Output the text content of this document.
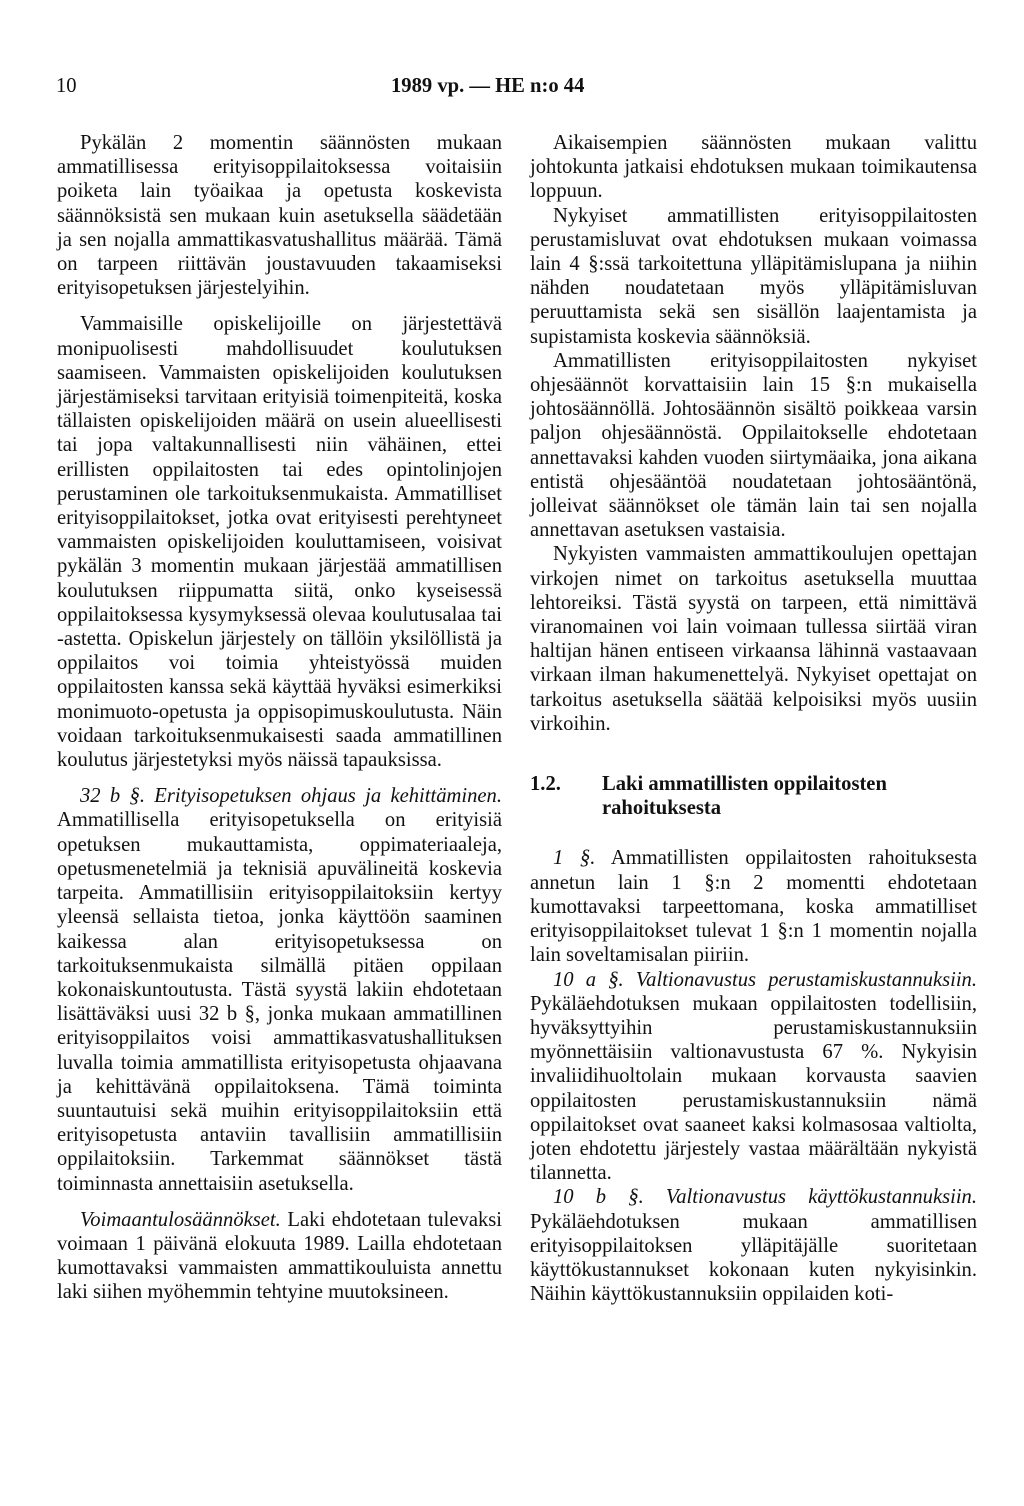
10	1989 vp. — HE n:o 44

Pykälän 2 momentin säännösten mukaan ammatillisessa erityisoppilaitoksessa voitaisiin poiketa lain työaikaa ja opetusta koskevista säännöksistä sen mukaan kuin asetuksella säädetään ja sen nojalla ammattikasvatushallitus määrää. Tämä on tarpeen riittävän joustavuuden takaamiseksi erityisopetuksen järjestelyihin.

Vammaisille opiskelijoille on järjestettävä monipuolisesti mahdollisuudet koulutuksen saamiseen. Vammaisten opiskelijoiden koulutuksen järjestämiseksi tarvitaan erityisiä toimenpiteitä, koska tällaisten opiskelijoiden määrä on usein alueellisesti tai jopa valtakunnallisesti niin vähäinen, ettei erillisten oppilaitosten tai edes opintolinjojen perustaminen ole tarkoituksenmukaista. Ammatilliset erityisoppilaitokset, jotka ovat erityisesti perehtyneet vammaisten opiskelijoiden kouluttamiseen, voisivat pykälän 3 momentin mukaan järjestää ammatillisen koulutuksen riippumatta siitä, onko kyseisessä oppilaitoksessa kysymyksessä olevaa koulutusalaa tai -astetta. Opiskelun järjestely on tällöin yksilöllistä ja oppilaitos voi toimia yhteistyössä muiden oppilaitosten kanssa sekä käyttää hyväksi esimerkiksi monimuoto-opetusta ja oppisopimuskoulutusta. Näin voidaan tarkoituksenmukaisesti saada ammatillinen koulutus järjestetyksi myös näissä tapauksissa.

32 b §. Erityisopetuksen ohjaus ja kehittäminen. Ammatillisella erityisopetuksella on erityisiä opetuksen mukauttamista, oppimateriaaleja, opetusmenetelmiä ja teknisiä apuvälineitä koskevia tarpeita. Ammatillisiin erityisoppilaitoksiin kertyy yleensä sellaista tietoa, jonka käyttöön saaminen kaikessa alan erityisopetuksessa on tarkoituksenmukaista silmällä pitäen oppilaan kokonaiskuntoutusta. Tästä syystä lakiin ehdotetaan lisättäväksi uusi 32 b §, jonka mukaan ammatillinen erityisoppilaitos voisi ammattikasvatushallituksen luvalla toimia ammatillista erityisopetusta ohjaavana ja kehittävänä oppilaitoksena. Tämä toiminta suuntautuisi sekä muihin erityisoppilaitoksiin että erityisopetusta antaviin tavallisiin ammatillisiin oppilaitoksiin. Tarkemmat säännökset tästä toiminnasta annettaisiin asetuksella.

Voimaantulosäännökset. Laki ehdotetaan tulevaksi voimaan 1 päivänä elokuuta 1989. Lailla ehdotetaan kumottavaksi vammaisten ammattikouluista annettu laki siihen myöhemmin tehtyine muutoksineen.

Aikaisempien säännösten mukaan valittu johtokunta jatkaisi ehdotuksen mukaan toimikautensa loppuun.

Nykyiset ammatillisten erityisoppilaitosten perustamisluvat ovat ehdotuksen mukaan voimassa lain 4 §:ssä tarkoitettuna ylläpitämislupana ja niihin nähden noudatetaan myös ylläpitämisluvan peruuttamista sekä sen sisällön laajentamista ja supistamista koskevia säännöksiä.

Ammatillisten erityisoppilaitosten nykyiset ohjesäännöt korvattaisiin lain 15 §:n mukaisella johtosäännöllä. Johtosäännön sisältö poikkeaa varsin paljon ohjesäännöstä. Oppilaitokselle ehdotetaan annettavaksi kahden vuoden siirtymäaika, jona aikana entistä ohjesääntöä noudatetaan johtosääntönä, jolleivat säännökset ole tämän lain tai sen nojalla annettavan asetuksen vastaisia.

Nykyisten vammaisten ammattikoulujen opettajan virkojen nimet on tarkoitus asetuksella muuttaa lehtoreiksi. Tästä syystä on tarpeen, että nimittävä viranomainen voi lain voimaan tullessa siirtää viran haltijan hänen entiseen virkaansa lähinnä vastaavaan virkaan ilman hakumenettelyä. Nykyiset opettajat on tarkoitus asetuksella säätää kelpoisiksi myös uusiin virkoihin.

1.2.	Laki ammatillisten oppilaitosten rahoituksesta

1 §. Ammatillisten oppilaitosten rahoituksesta annetun lain 1 §:n 2 momentti ehdotetaan kumottavaksi tarpeettomana, koska ammatilliset erityisoppilaitokset tulevat 1 §:n 1 momentin nojalla lain soveltamisalan piiriin.

10 a §. Valtionavustus perustamiskustannuksiin. Pykäläehdotuksen mukaan oppilaitosten todellisiin, hyväksyttyihin perustamiskustannuksiin myönnettäisiin valtionavustusta 67 %. Nykyisin invaliidihuoltolain mukaan korvausta saavien oppilaitosten perustamiskustannuksiin nämä oppilaitokset ovat saaneet kaksi kolmasosaa valtiolta, joten ehdotettu järjestely vastaa määrältään nykyistä tilannetta.

10 b §. Valtionavustus käyttökustannuksiin. Pykäläehdotuksen mukaan ammatillisen erityisoppilaitoksen ylläpitäjälle suoritetaan käyttökustannukset kokonaan kuten nykyisinkin. Näihin käyttökustannuksiin oppilaiden koti-
